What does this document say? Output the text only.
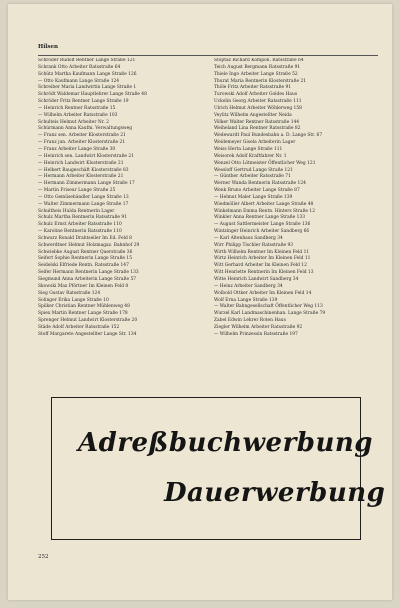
Hilsen
Schröder Rudolf Rentner Lange Straße 121
Schrank Otto Arbeiter Ratsstraße 64
Schütz Martha Kaufmann Lange Straße 126
— Otto Kaufmann Lange Straße 124
Schreiber Maria Landwirtin Lange Straße 1
Schrödt Waldemar Hauptlehrer Lange Straße 48
Schröder Fritz Rentner Lange Straße 19
— Heinrich Rentner Ratsstraße 15
— Wilhelm Arbeiter Ratsstraße 103
Schulteis Helmut Arbeiter Nr. 2
Schürmann Anna Kaufm. Verwaltungsweg
— Franz sen. Arbeiter Klosterstraße 21
— Franz jun. Arbeiter Klosterstraße 21
— Franz Arbeiter Lange Straße 30
— Heinrich sen. Landwirt Klosterstraße 21
— Heinrich Landwirt Klosterstraße 21
— Helbert Baugeschäft Klosterstraße 83
— Hermann Arbeiter Klosterstraße 21
— Hermann Zimmermann Lange Straße 17
— Martin Friseur Lange Straße 25
— Otto Gemüsehändler Lange Straße 13
— Walter Zimmermann Lange Straße 17
Schultheis Hulda Rentnerin Lager
Schulz Martha Rentnerin Ratsstraße 91
Schulz Ernst Arbeiter Ratsstraße 110
— Karoline Rentnerin Ratsstraße 110
Schwarz Ronald Drahtseiler Im Ed. Feld 8
Schwerdtner Helmut Holzmagaz. Bahnhof 29
Schwiebke August Rentner Querstraße 36
Seifert Sophie Rentnerin Lange Straße 15
Seidelski Elfriede Rentn. Ratsstraße 147
Seifer Hermann Rentnerin Lange Straße 133
Siegmund Anna Arbeiterin Lange Straße 57
Skowski Max Pförtner Im Kleinen Feld 8
Sieg Gustav Ratsstraße 124
Solinger Erika Lange Straße 10
Spilker Christian Rentner Mühlenweg 48
Spiex Martin Rentner Lange Straße 178
Sprenger Helmut Landwirt Klosterstraße 20
Städe Adolf Arbeiter Ratsstraße 152
Stoff Margarete Angestellter Lange Str. 134
Stoptaz Richard Kompon. Ratsstraße 64
Teich August Bergmann Ratsstraße 91
Thiele Ingo Arbeiter Lange Straße 52
Thurat Maria Rentnerin Klosterstraße 21
Thöle Fritz Arbeiter Ratsstraße 91
Turowski Adolf Arbeiter Goldes Haus
Uckelin Georg Arbeiter Ratsstraße 111
Ulrich Helmut Arbeiter Wöhlerweg 158
Veylitz Wilhelm Angestellter Neida
Völker Walter Rentner Ratsstraße 144
Weiheland Lina Rentner Ratsstraße 82
Wedewardt Paul Bundesbahn a. D. Lange Str. 67
Weidemeyer Gisela Arbeiterin Lager
Weiss Herta Lange Straße 111
Weisorek Adolf Kraftfahrer Nr. 1
Wenzel Otto Lötmeister Öffentlicher Weg 121
Wessloff Gertrud Lange Straße 121
— Günther Arbeiter Ratsstraße 71
Werner Wanda Rentnerin Ratsstraße 124
Wenk Bruno Arbeiter Lange Straße 87
— Helmut Maler Lange Straße 139
Wiedmöller Albert Arbeiter Lange Straße 48
Winkelmann Emma Rentn. Hinters Straße 12
Winkler Anna Rentner Lange Straße 133
— August Sattlermeister Lange Straße 136
Wintzinger Heinrich Arbeiter Sandberg 66
— Karl Altenhaus Sandberg 34
Wirr Philipp Tischler Ratsstraße 93
Wirth Wilhelm Rentner Im Kleinen Feld 11
Wirtz Heinrich Arbeiter Im Kleinen Feld 11
Witt Gerhard Arbeiter Im Kleinen Feld 12
Witt Henriette Rentnerin Im Kleinen Feld 13
Witte Heinrich Landwirt Sandberg 34
— Heinz Arbeiter Sandberg 34
Wolbold Ottker Arbeiter Im Kleinen Feld 14
Wolf Erna Lange Straße 139
— Walter Bahngesellschaft Öffentlicher Weg 113
Wurzel Karl Landmaschinenhan. Lange Straße 79
Zabel Edwin Lehrer Roten Haus
Ziegler Wilhelm Arbeiter Ratsstraße 92
— Wilhelm Prinzessin Ratsstraße 197
Adreßbuchwerbung
Dauerwerbung
252
